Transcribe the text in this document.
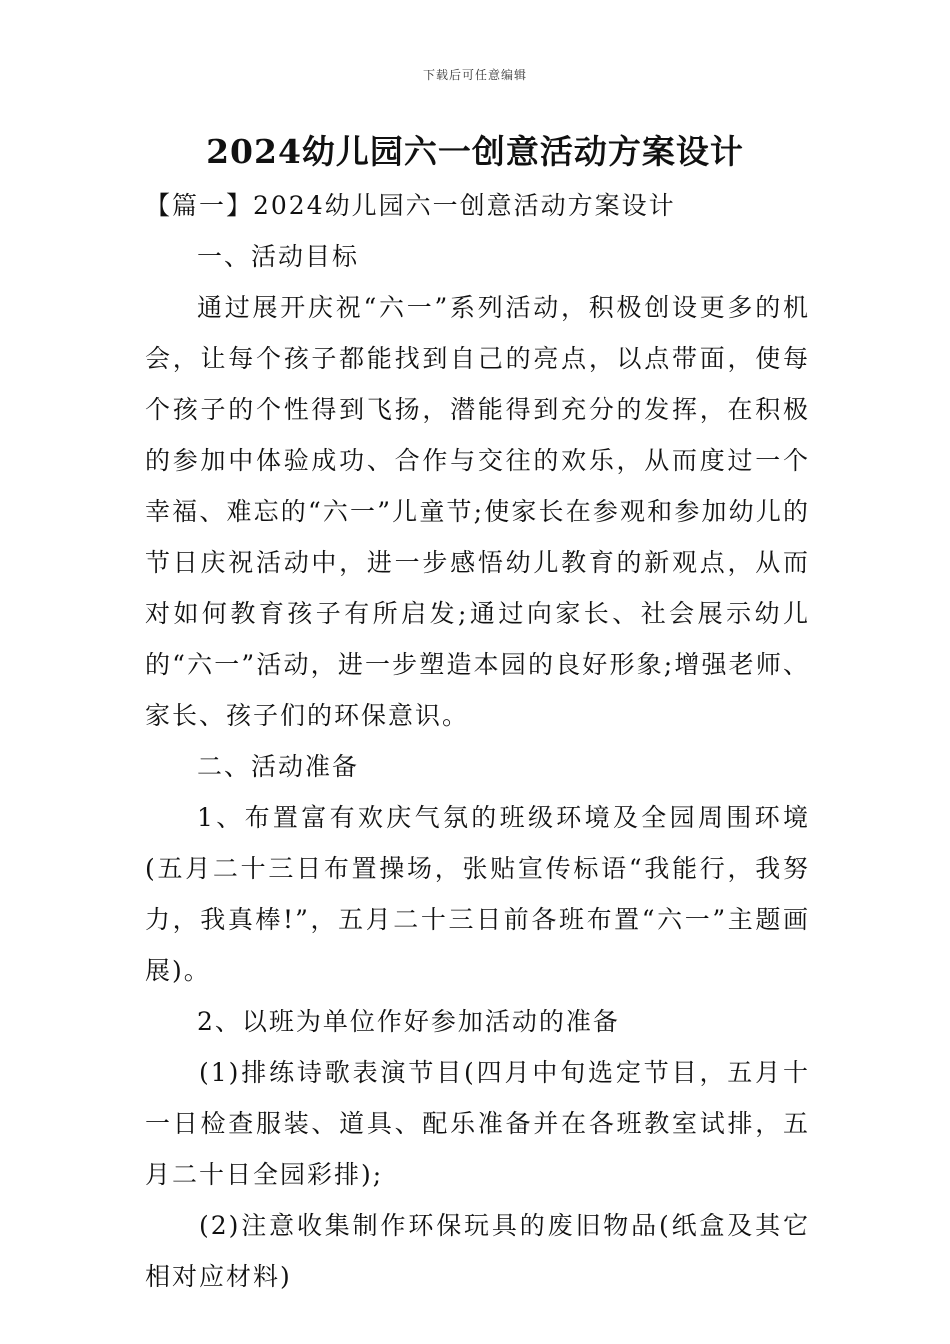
下载后可任意编辑
2024幼儿园六一创意活动方案设计

【篇一】2024幼儿园六一创意活动方案设计

一、活动目标

通过展开庆祝“六一”系列活动，积极创设更多的机会，让每个孩子都能找到自己的亮点，以点带面，使每个孩子的个性得到飞扬，潜能得到充分的发挥，在积极的参加中体验成功、合作与交往的欢乐，从而度过一个幸福、难忘的“六一”儿童节;使家长在参观和参加幼儿的节日庆祝活动中，进一步感悟幼儿教育的新观点，从而对如何教育孩子有所启发;通过向家长、社会展示幼儿的“六一”活动，进一步塑造本园的良好形象;增强老师、家长、孩子们的环保意识。

二、活动准备

1、布置富有欢庆气氛的班级环境及全园周围环境(五月二十三日布置操场，张贴宣传标语“我能行，我努力，我真棒!”，五月二十三日前各班布置“六一”主题画展)。

2、以班为单位作好参加活动的准备

(1)排练诗歌表演节目(四月中旬选定节目，五月十一日检查服装、道具、配乐准备并在各班教室试排，五月二十日全园彩排);

(2)注意收集制作环保玩具的废旧物品(纸盒及其它相对应材料)
